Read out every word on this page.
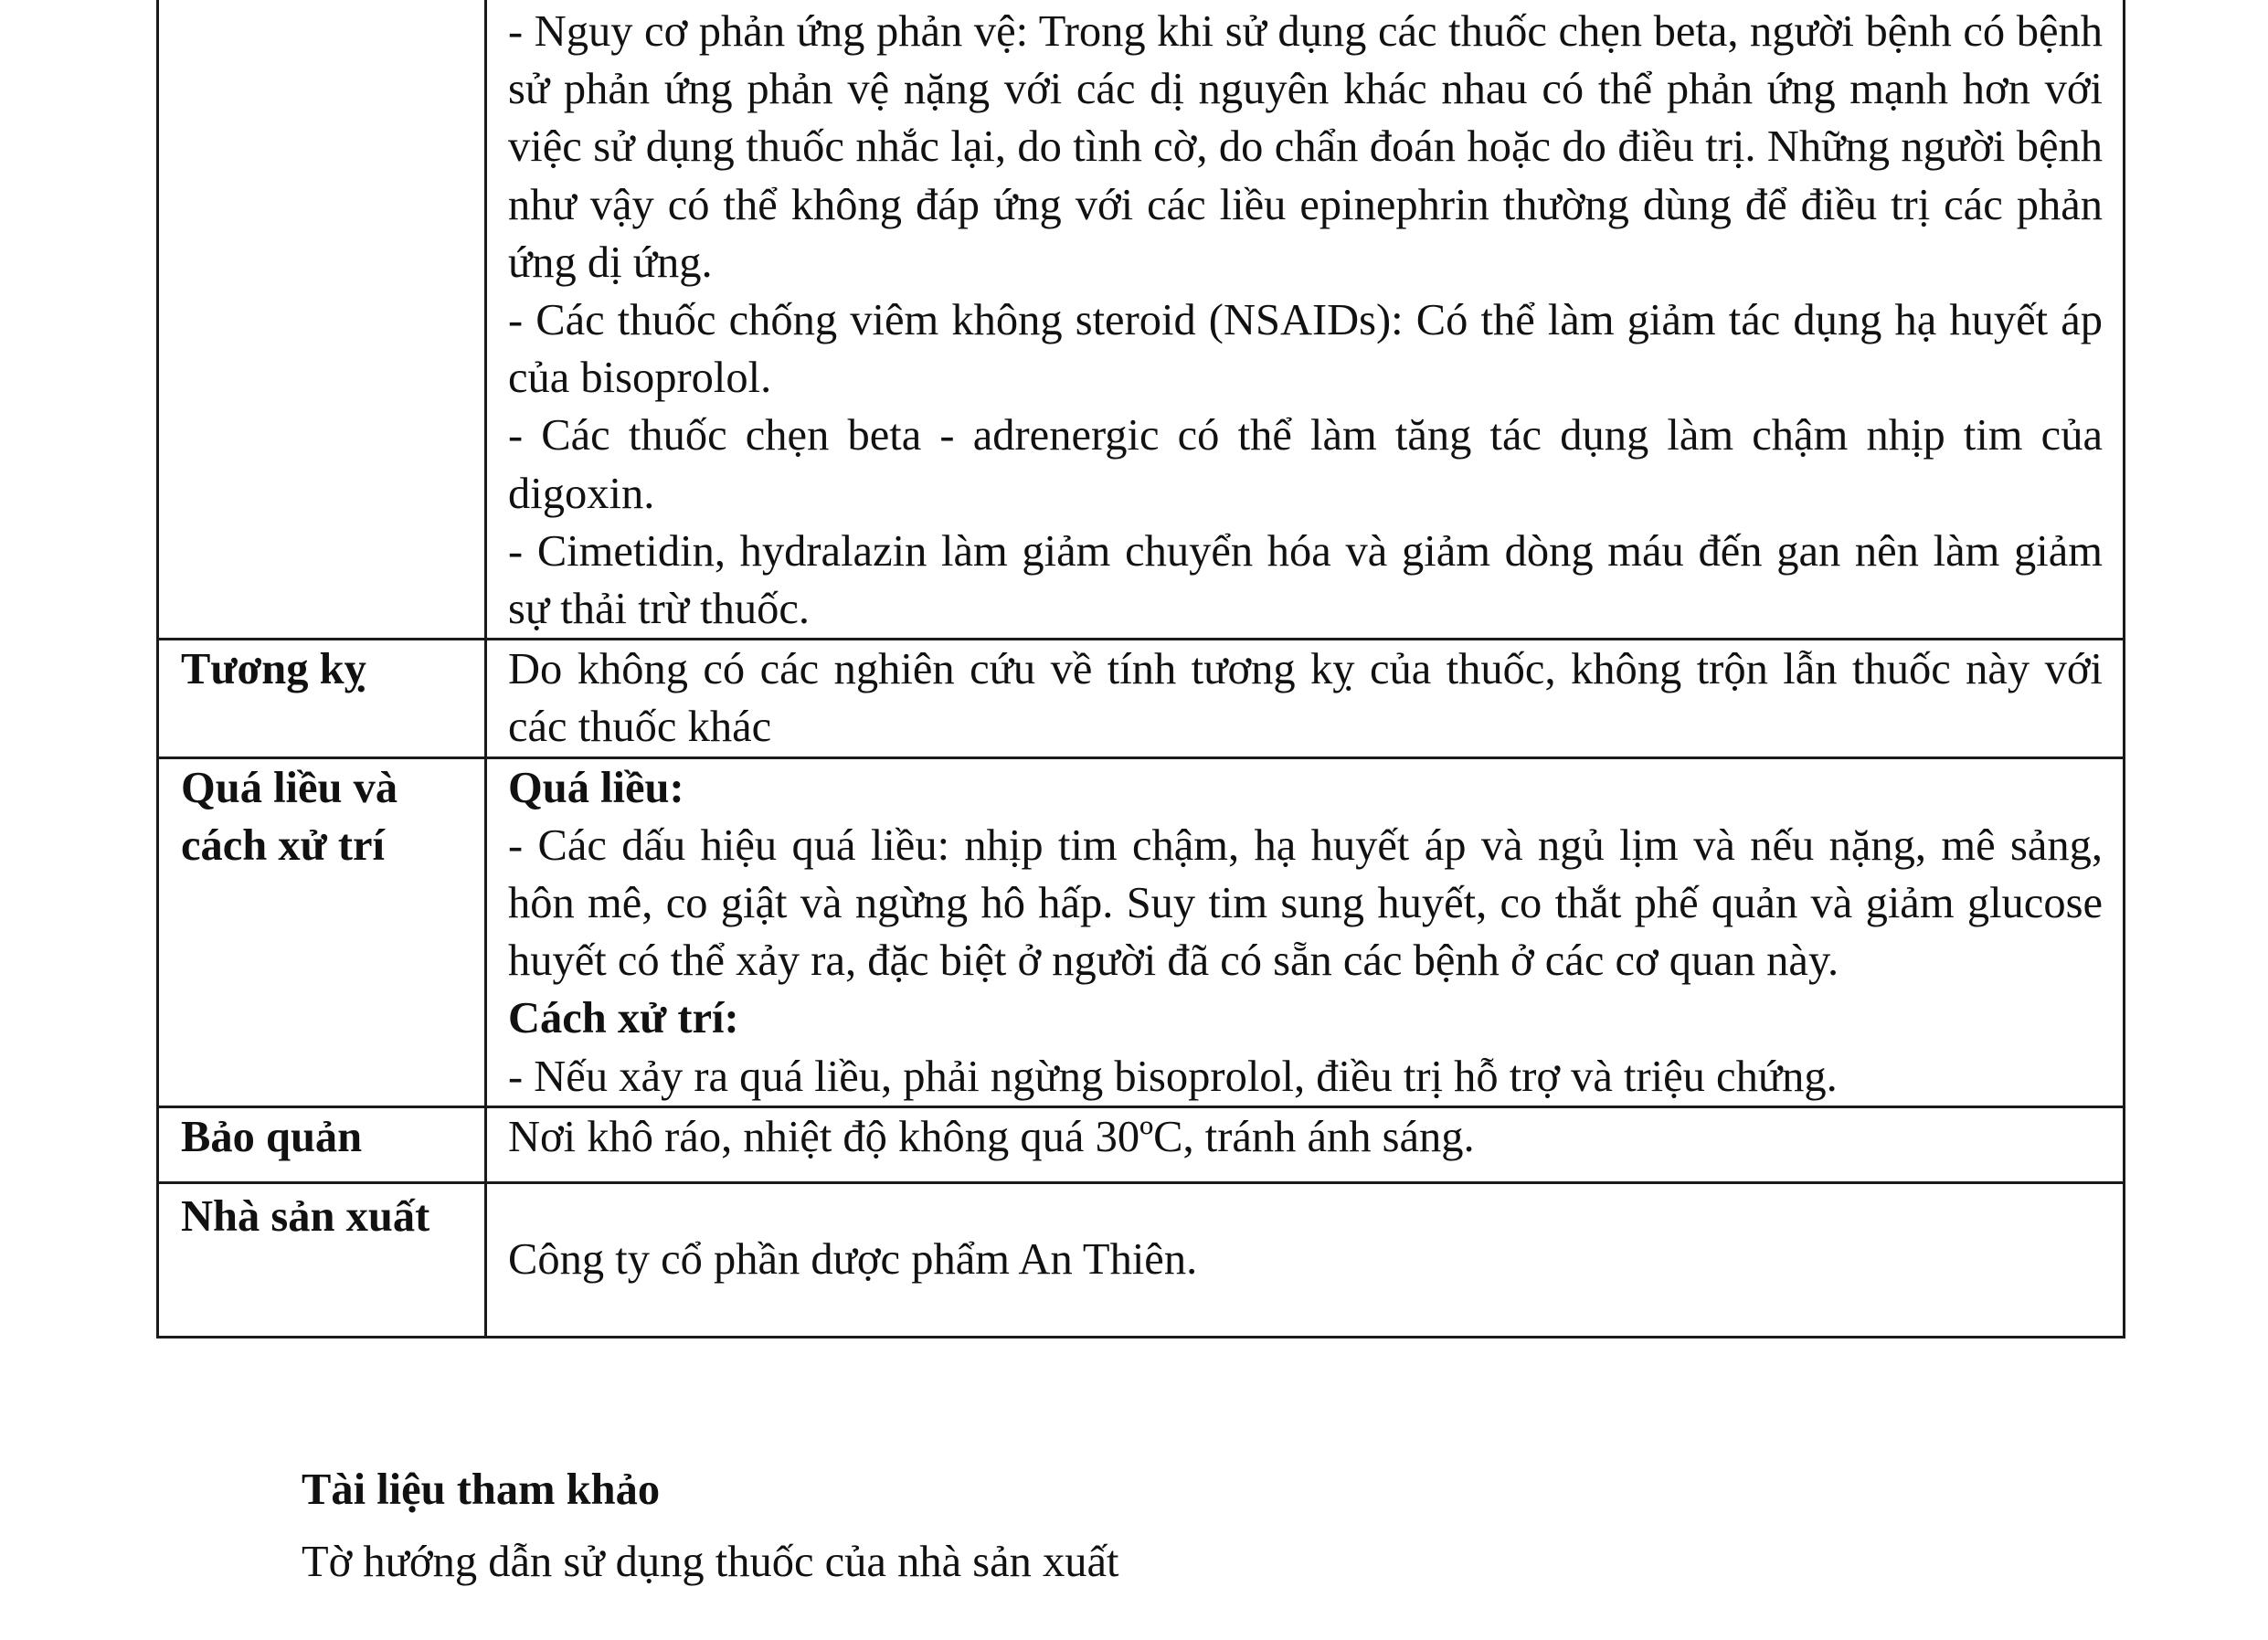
	- Nguy cơ phản ứng phản vệ: Trong khi sử dụng các thuốc chẹn beta, người bệnh có bệnh sử phản ứng phản vệ nặng với các dị nguyên khác nhau có thể phản ứng mạnh hơn với việc sử dụng thuốc nhắc lại, do tình cờ, do chẩn đoán hoặc do điều trị. Những người bệnh như vậy có thể không đáp ứng với các liều epinephrin thường dùng để điều trị các phản ứng dị ứng.

- Các thuốc chống viêm không steroid (NSAIDs): Có thể làm giảm tác dụng hạ huyết áp của bisoprolol.

- Các thuốc chẹn beta - adrenergic có thể làm tăng tác dụng làm chậm nhịp tim của digoxin.

- Cimetidin, hydralazin làm giảm chuyển hóa và giảm dòng máu đến gan nên làm giảm sự thải trừ thuốc.

Tương kỵ	Do không có các nghiên cứu về tính tương kỵ của thuốc, không trộn lẫn thuốc này với các thuốc khác

Quá liều và cách xử trí	Quá liều:

- Các dấu hiệu quá liều: nhịp tim chậm, hạ huyết áp và ngủ lịm và nếu nặng, mê sảng, hôn mê, co giật và ngừng hô hấp. Suy tim sung huyết, co thắt phế quản và giảm glucose huyết có thể xảy ra, đặc biệt ở người đã có sẵn các bệnh ở các cơ quan này.

Cách xử trí:

- Nếu xảy ra quá liều, phải ngừng bisoprolol, điều trị hỗ trợ và triệu chứng.

Bảo quản	Nơi khô ráo, nhiệt độ không quá 30ºC, tránh ánh sáng.

Nhà sản xuất	Công ty cổ phần dược phẩm An Thiên.

Tài liệu tham khảo

Tờ hướng dẫn sử dụng thuốc của nhà sản xuất
